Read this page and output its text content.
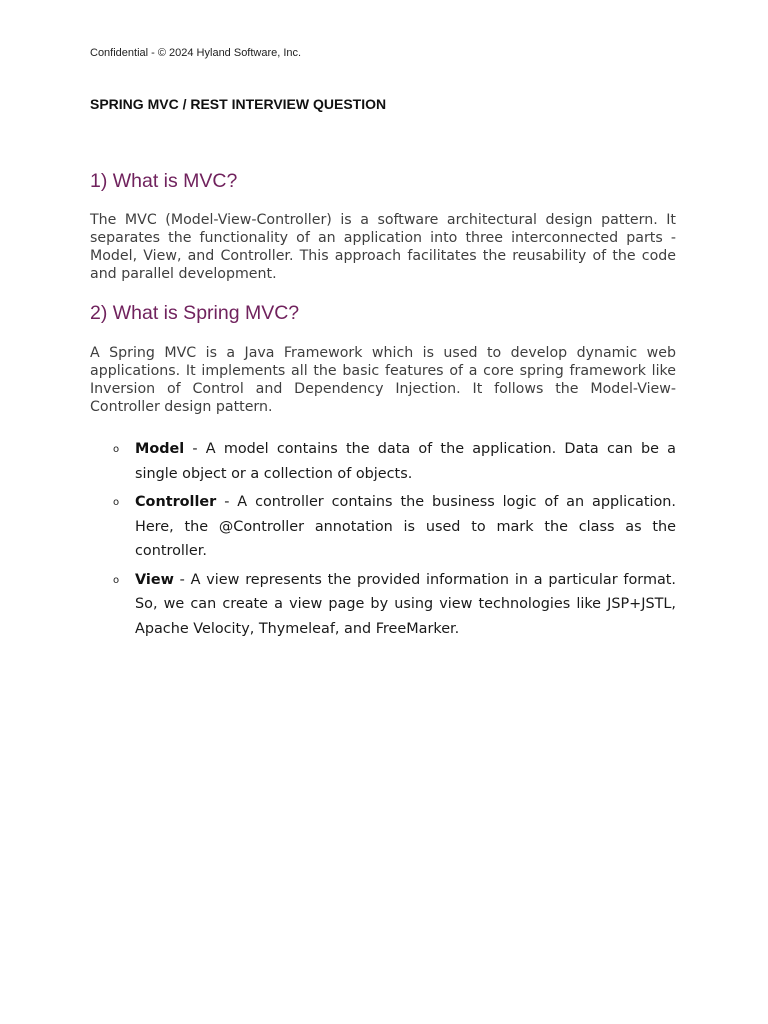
Confidential - © 2024 Hyland Software, Inc.
SPRING MVC / REST INTERVIEW QUESTION
1) What is MVC?

The MVC (Model-View-Controller) is a software architectural design pattern. It separates the functionality of an application into three interconnected parts - Model, View, and Controller. This approach facilitates the reusability of the code and parallel development.

2) What is Spring MVC?

A Spring MVC is a Java Framework which is used to develop dynamic web applications. It implements all the basic features of a core spring framework like Inversion of Control and Dependency Injection. It follows the Model-View-Controller design pattern.

o Model - A model contains the data of the application. Data can be a single object or a collection of objects.
o Controller - A controller contains the business logic of an application. Here, the @Controller annotation is used to mark the class as the controller.
o View - A view represents the provided information in a particular format. So, we can create a view page by using view technologies like JSP+JSTL, Apache Velocity, Thymeleaf, and FreeMarker.
